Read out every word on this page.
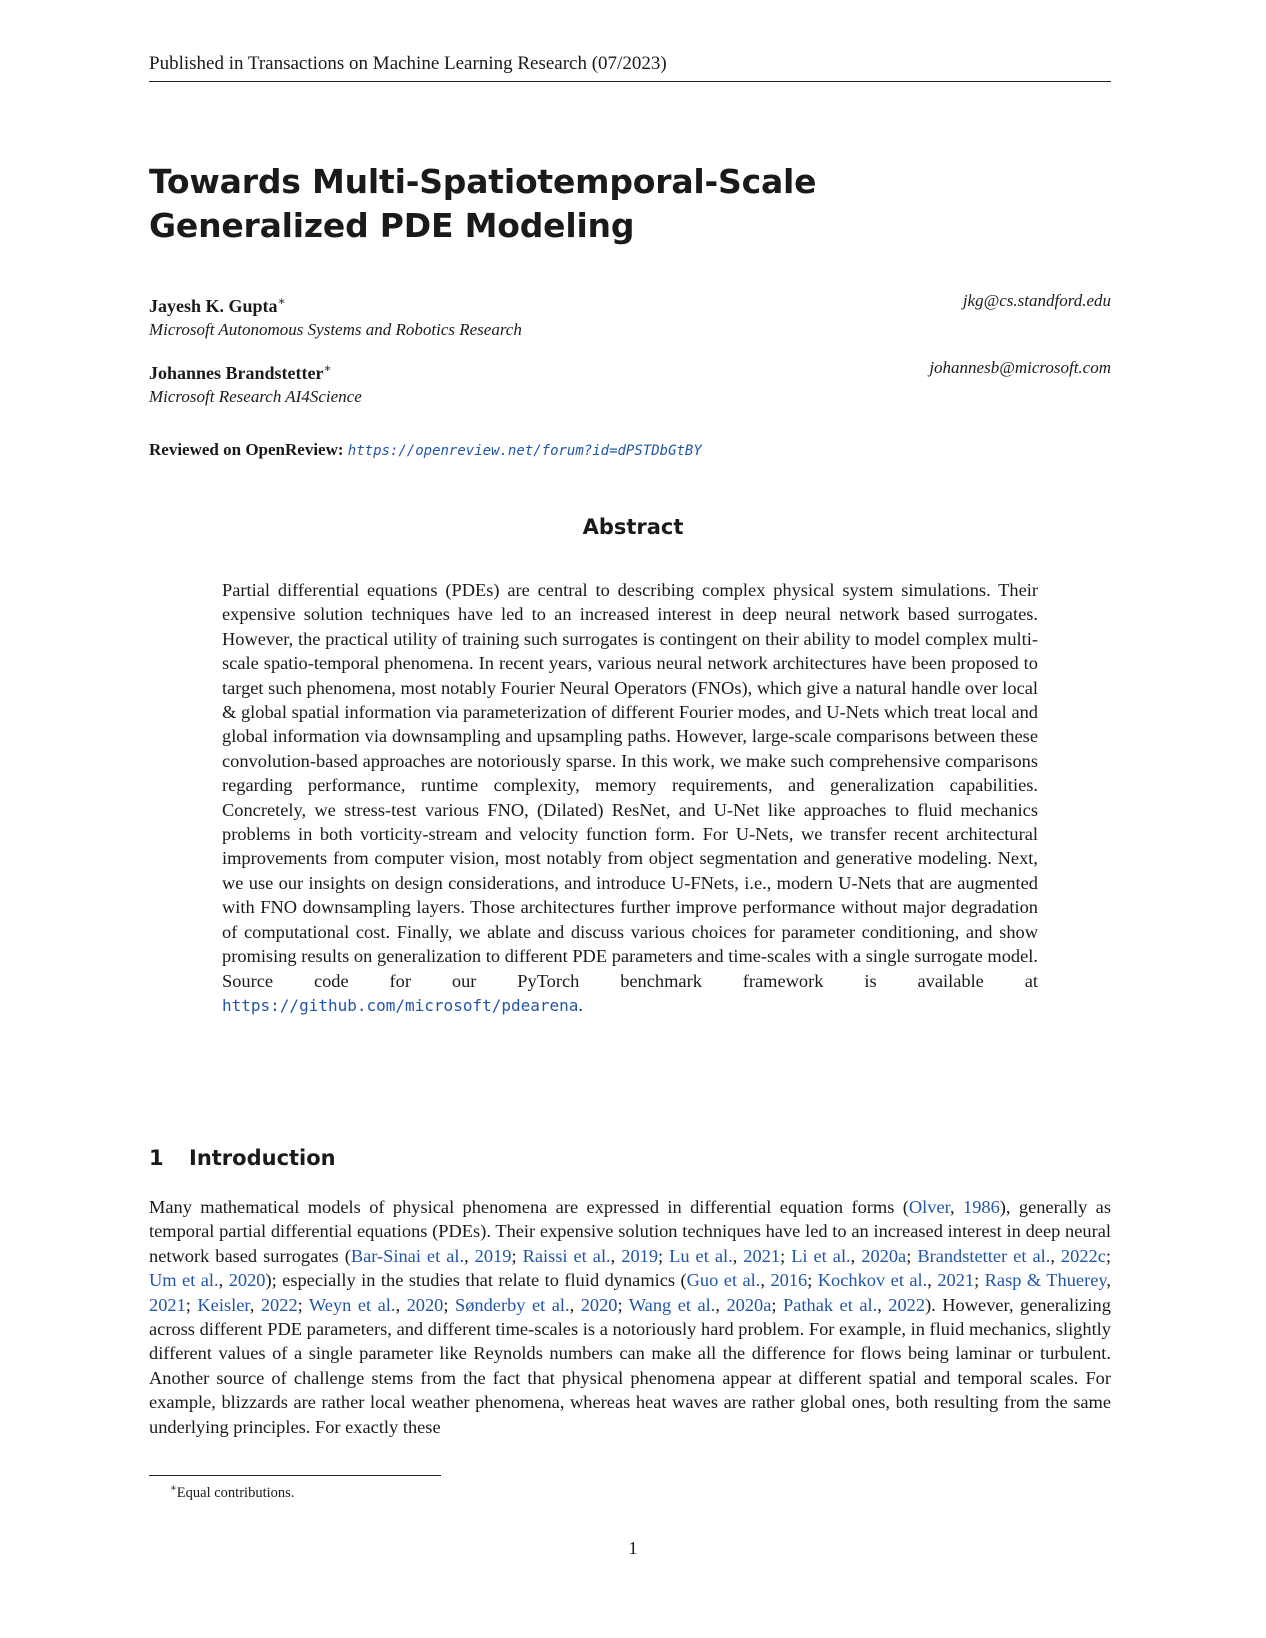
Published in Transactions on Machine Learning Research (07/2023)
Towards Multi-Spatiotemporal-Scale
Generalized PDE Modeling
Jayesh K. Gupta∗
Microsoft Autonomous Systems and Robotics Research
jkg@cs.standford.edu
Johannes Brandstetter∗
Microsoft Research AI4Science
johannesb@microsoft.com
Reviewed on OpenReview: https://openreview.net/forum?id=dPSTDbGtBY
Abstract

Partial differential equations (PDEs) are central to describing complex physical system simulations. Their expensive solution techniques have led to an increased interest in deep neural network based surrogates. However, the practical utility of training such surrogates is contingent on their ability to model complex multi-scale spatio-temporal phenomena. In recent years, various neural network architectures have been proposed to target such phenomena, most notably Fourier Neural Operators (FNOs), which give a natural handle over local & global spatial information via parameterization of different Fourier modes, and U-Nets which treat local and global information via downsampling and upsampling paths. However, large-scale comparisons between these convolution-based approaches are notoriously sparse. In this work, we make such comprehensive comparisons regarding performance, runtime complexity, memory requirements, and generalization capabilities. Concretely, we stress-test various FNO, (Dilated) ResNet, and U-Net like approaches to fluid mechanics problems in both vorticity-stream and velocity function form. For U-Nets, we transfer recent architectural improvements from computer vision, most notably from object segmentation and generative modeling. Next, we use our insights on design considerations, and introduce U-FNets, i.e., modern U-Nets that are augmented with FNO downsampling layers. Those architectures further improve performance without major degradation of computational cost. Finally, we ablate and discuss various choices for parameter conditioning, and show promising results on generalization to different PDE parameters and time-scales with a single surrogate model. Source code for our PyTorch benchmark framework is available at https://github.com/microsoft/pdearena.

1 Introduction

Many mathematical models of physical phenomena are expressed in differential equation forms (Olver, 1986), generally as temporal partial differential equations (PDEs). Their expensive solution techniques have led to an increased interest in deep neural network based surrogates (Bar-Sinai et al., 2019; Raissi et al., 2019; Lu et al., 2021; Li et al., 2020a; Brandstetter et al., 2022c; Um et al., 2020); especially in the studies that relate to fluid dynamics (Guo et al., 2016; Kochkov et al., 2021; Rasp & Thuerey, 2021; Keisler, 2022; Weyn et al., 2020; Sønderby et al., 2020; Wang et al., 2020a; Pathak et al., 2022). However, generalizing across different PDE parameters, and different time-scales is a notoriously hard problem. For example, in fluid mechanics, slightly different values of a single parameter like Reynolds numbers can make all the difference for flows being laminar or turbulent. Another source of challenge stems from the fact that physical phenomena appear at different spatial and temporal scales. For example, blizzards are rather local weather phenomena, whereas heat waves are rather global ones, both resulting from the same underlying principles. For exactly these

∗Equal contributions.
1
